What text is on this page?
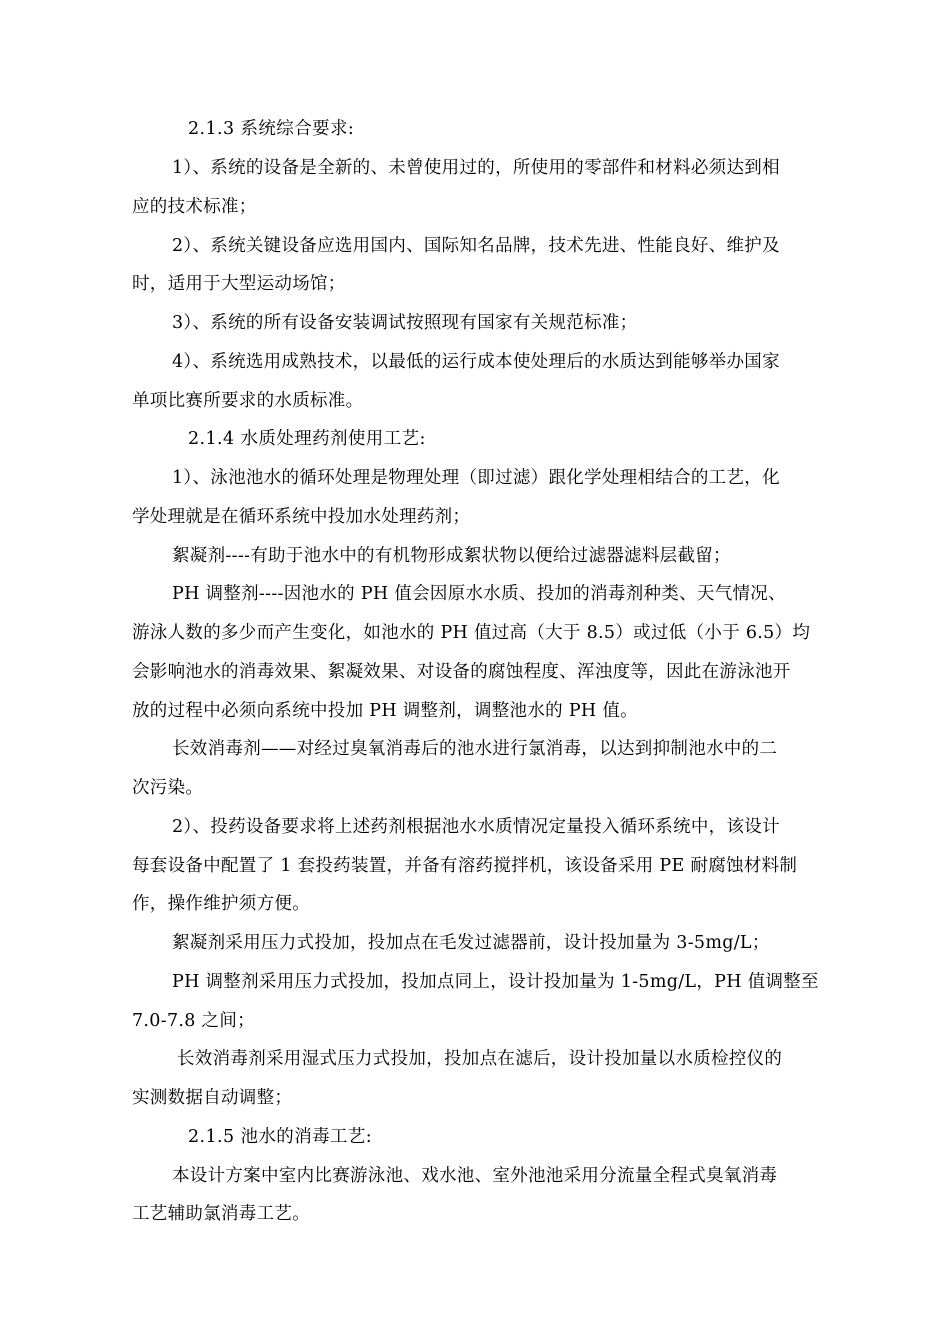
2.1.3 系统综合要求:
1）、系统的设备是全新的、未曾使用过的，所使用的零部件和材料必须达到相
应的技术标准；
2）、系统关键设备应选用国内、国际知名品牌，技术先进、性能良好、维护及
时，适用于大型运动场馆；
3）、系统的所有设备安装调试按照现有国家有关规范标准；
4）、系统选用成熟技术，以最低的运行成本使处理后的水质达到能够举办国家
单项比赛所要求的水质标准。
2.1.4 水质处理药剂使用工艺:
1）、泳池池水的循环处理是物理处理（即过滤）跟化学处理相结合的工艺，化
学处理就是在循环系统中投加水处理药剂；
絮凝剂----有助于池水中的有机物形成絮状物以便给过滤器滤料层截留；
PH 调整剂----因池水的 PH 值会因原水水质、投加的消毒剂种类、天气情况、
游泳人数的多少而产生变化，如池水的 PH 值过高（大于 8.5）或过低（小于 6.5）均
会影响池水的消毒效果、絮凝效果、对设备的腐蚀程度、浑浊度等，因此在游泳池开
放的过程中必须向系统中投加 PH 调整剂，调整池水的 PH 值。
长效消毒剂——对经过臭氧消毒后的池水进行氯消毒，以达到抑制池水中的二
次污染。
2）、投药设备要求将上述药剂根据池水水质情况定量投入循环系统中，该设计
每套设备中配置了 1 套投药装置，并备有溶药搅拌机，该设备采用 PE 耐腐蚀材料制
作，操作维护须方便。
絮凝剂采用压力式投加，投加点在毛发过滤器前，设计投加量为 3-5mg/L；
PH 调整剂采用压力式投加，投加点同上，设计投加量为 1-5mg/L，PH 值调整至
7.0-7.8 之间；
长效消毒剂采用湿式压力式投加，投加点在滤后，设计投加量以水质检控仪的
实测数据自动调整；
2.1.5 池水的消毒工艺:
本设计方案中室内比赛游泳池、戏水池、室外池池采用分流量全程式臭氧消毒
工艺辅助氯消毒工艺。
